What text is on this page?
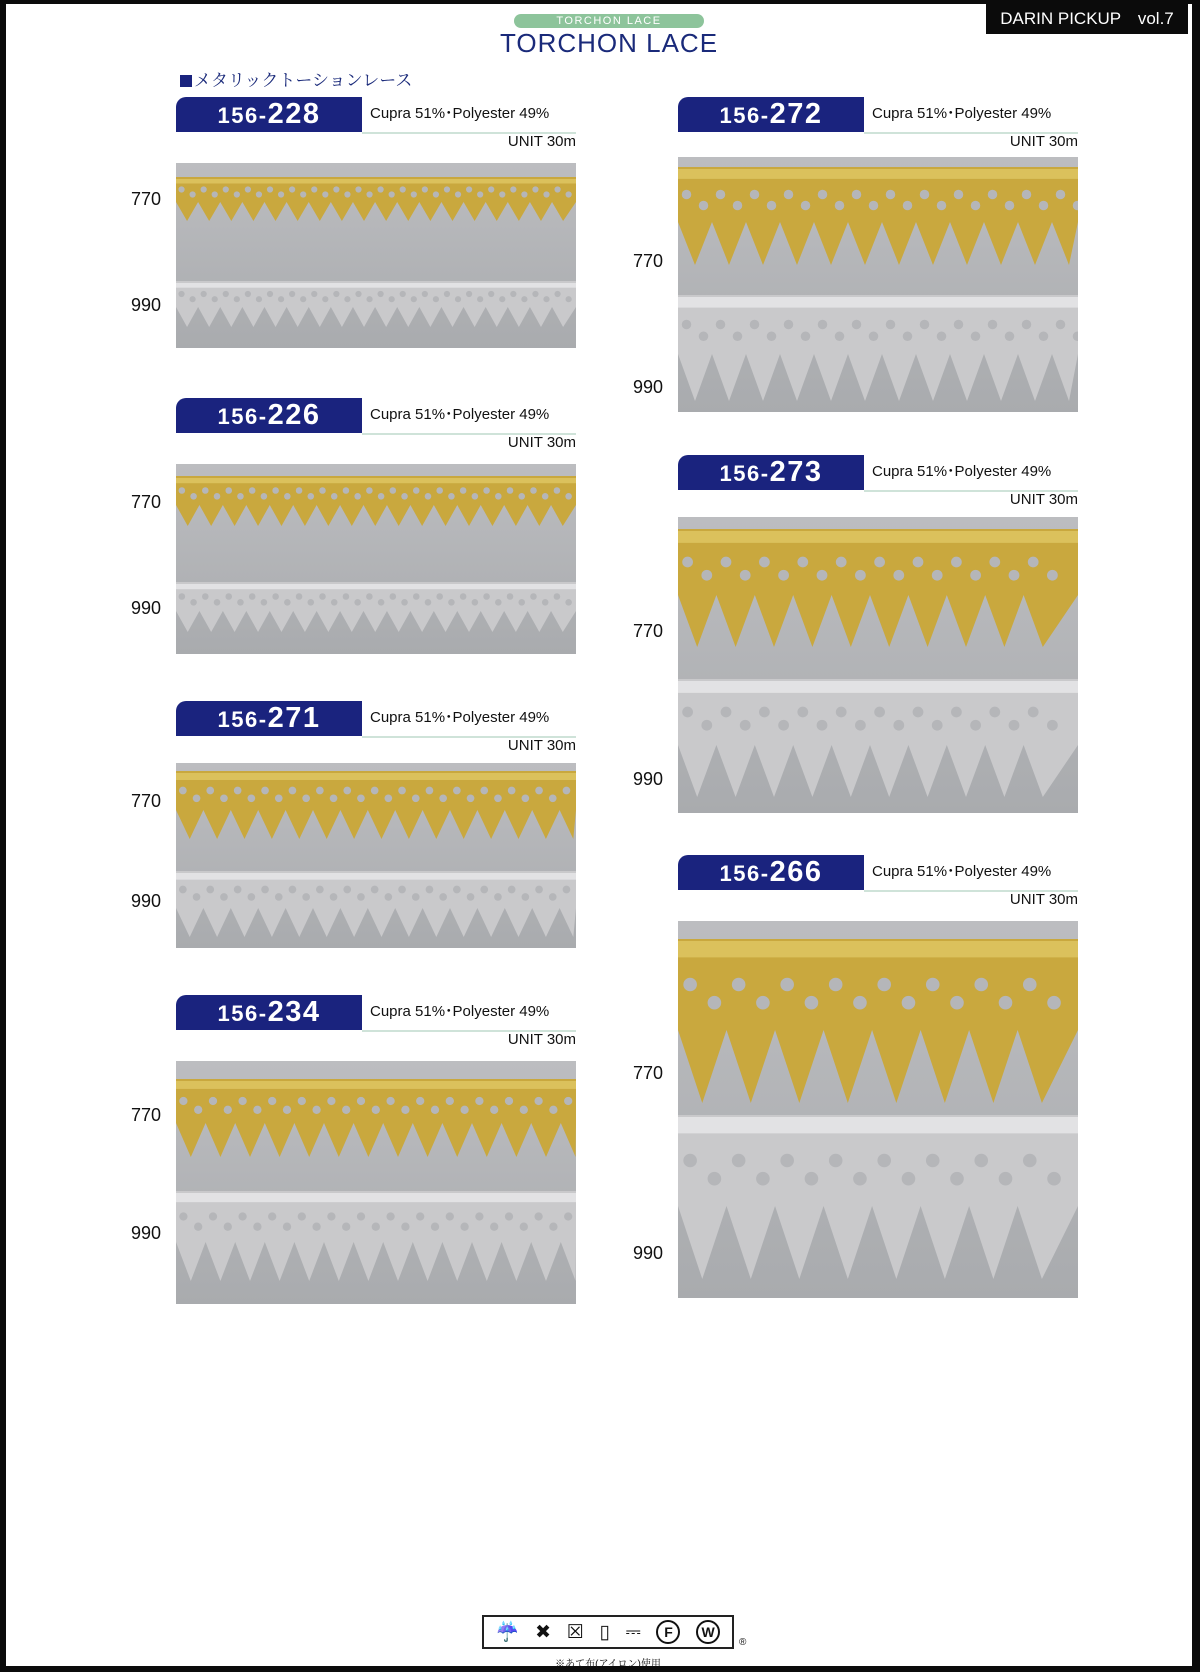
TORCHON LACE
TORCHON LACE
DARIN PICKUP　vol.7
メタリックトーションレース
156-228	Cupra 51%･Polyester 49%
UNIT 30m
770
990
156-226	Cupra 51%･Polyester 49%
UNIT 30m
770
990
156-271	Cupra 51%･Polyester 49%
UNIT 30m
770
990
156-234	Cupra 51%･Polyester 49%
UNIT 30m
770
990
156-272	Cupra 51%･Polyester 49%
UNIT 30m
770
990
156-273	Cupra 51%･Polyester 49%
UNIT 30m
770
990
156-266	Cupra 51%･Polyester 49%
UNIT 30m
770
990
☔ ✖ ☒ ▯ ⎓	F	W
®
※あて布(アイロン)使用
